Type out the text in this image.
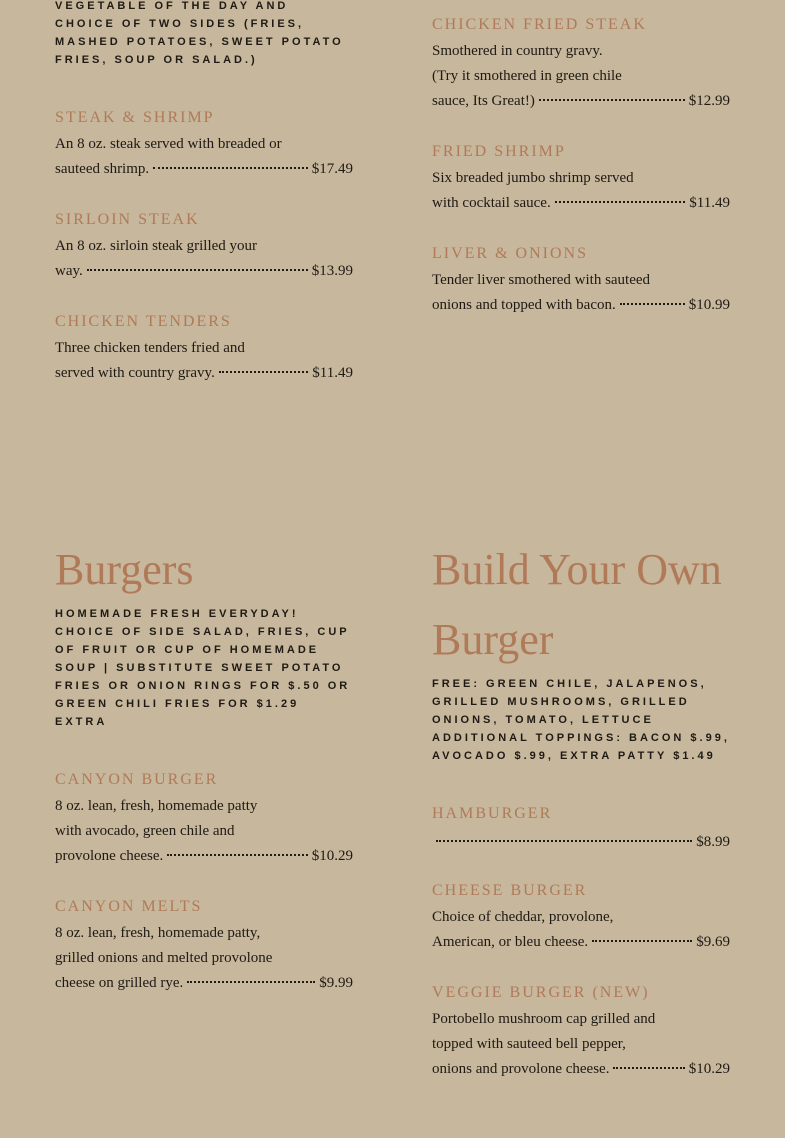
VEGETABLE OF THE DAY AND CHOICE OF TWO SIDES (FRIES, MASHED POTATOES, SWEET POTATO FRIES, SOUP OR SALAD.)

STEAK & SHRIMP

An 8 oz. steak served with breaded or

sauteed shrimp.	$17.49
SIRLOIN STEAK

An 8 oz. sirloin steak grilled your

way.	$13.99
CHICKEN TENDERS

Three chicken tenders fried and

served with country gravy.	$11.49
CHICKEN FRIED STEAK

Smothered in country gravy.

(Try it smothered in green chile

sauce, Its Great!)	$12.99
FRIED SHRIMP

Six breaded jumbo shrimp served

with cocktail sauce.	$11.49
LIVER & ONIONS

Tender liver smothered with sauteed

onions and topped with bacon.	$10.99
Burgers

HOMEMADE FRESH EVERYDAY! CHOICE OF SIDE SALAD, FRIES, CUP OF FRUIT OR CUP OF HOMEMADE SOUP | SUBSTITUTE SWEET POTATO FRIES OR ONION RINGS FOR $.50 OR GREEN CHILI FRIES FOR $1.29 EXTRA

CANYON BURGER

8 oz. lean, fresh, homemade patty

with avocado, green chile and

provolone cheese.	$10.29
CANYON MELTS

8 oz. lean, fresh, homemade patty,

grilled onions and melted provolone

cheese on grilled rye.	$9.99
Build Your Own
Burger

FREE: GREEN CHILE, JALAPENOS, GRILLED MUSHROOMS, GRILLED ONIONS, TOMATO, LETTUCE ADDITIONAL TOPPINGS: BACON $.99, AVOCADO $.99, EXTRA PATTY $1.49

HAMBURGER
$8.99
CHEESE BURGER

Choice of cheddar, provolone,

American, or bleu cheese.	$9.69
VEGGIE BURGER (NEW)

Portobello mushroom cap grilled and

topped with sauteed bell pepper,

onions and provolone cheese.	$10.29
